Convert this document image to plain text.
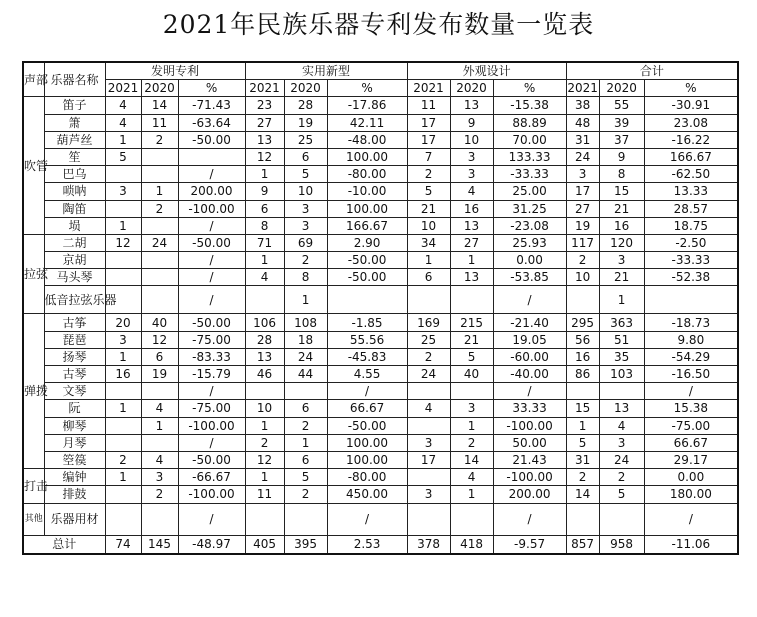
2021年民族乐器专利发布数量一览表
声部	乐器名称	发明专利			实用新型			外观设计			合计		
		2021	2020	%	2021	2020	%	2021	2020	%	2021	2020	%
吹管	笛子	4	14	-71.43	23	28	-17.86	11	13	-15.38	38	55	-30.91
	箫	4	11	-63.64	27	19	42.11	17	9	88.89	48	39	23.08
	葫芦丝	1	2	-50.00	13	25	-48.00	17	10	70.00	31	37	-16.22
	笙	5			12	6	100.00	7	3	133.33	24	9	166.67
	巴乌			/	1	5	-80.00	2	3	-33.33	3	8	-62.50
	唢呐	3	1	200.00	9	10	-10.00	5	4	25.00	17	15	13.33
	陶笛		2	-100.00	6	3	100.00	21	16	31.25	27	21	28.57
	埙	1		/	8	3	166.67	10	13	-23.08	19	16	18.75
拉弦	二胡	12	24	-50.00	71	69	2.90	34	27	25.93	117	120	-2.50
	京胡			/	1	2	-50.00	1	1	0.00	2	3	-33.33
	马头琴			/	4	8	-50.00	6	13	-53.85	10	21	-52.38
	低音拉弦乐器			/		1				/		1	
弹拨	古筝	20	40	-50.00	106	108	-1.85	169	215	-21.40	295	363	-18.73
	琵琶	3	12	-75.00	28	18	55.56	25	21	19.05	56	51	9.80
	扬琴	1	6	-83.33	13	24	-45.83	2	5	-60.00	16	35	-54.29
	古琴	16	19	-15.79	46	44	4.55	24	40	-40.00	86	103	-16.50
	文琴			/			/			/			/
	阮	1	4	-75.00	10	6	66.67	4	3	33.33	15	13	15.38
	柳琴		1	-100.00	1	2	-50.00		1	-100.00	1	4	-75.00
	月琴			/	2	1	100.00	3	2	50.00	5	3	66.67
	箜篌	2	4	-50.00	12	6	100.00	17	14	21.43	31	24	29.17
打击	编钟	1	3	-66.67	1	5	-80.00		4	-100.00	2	2	0.00
	排鼓		2	-100.00	11	2	450.00	3	1	200.00	14	5	180.00
其他	乐器用材			/			/			/			/
总计		74	145	-48.97	405	395	2.53	378	418	-9.57	857	958	-11.06
